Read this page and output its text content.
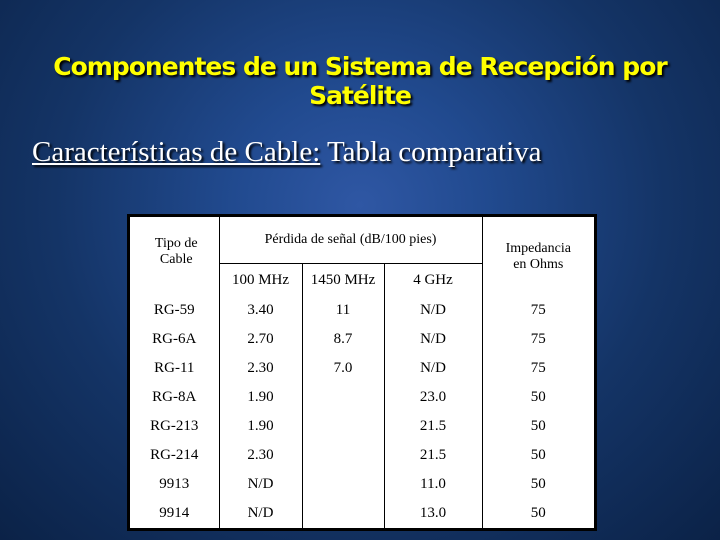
Componentes de un Sistema de Recepción por Satélite
Características de Cable: Tabla comparativa
Tipo de Cable	Pérdida de señal (dB/100 pies)			Impedancia en Ohms
	100 MHz	1450 MHz	4 GHz	
RG-59	3.40	11	N/D	75
RG-6A	2.70	8.7	N/D	75
RG-11	2.30	7.0	N/D	75
RG-8A	1.90		23.0	50
RG-213	1.90		21.5	50
RG-214	2.30		21.5	50
9913	N/D		11.0	50
9914	N/D		13.0	50
